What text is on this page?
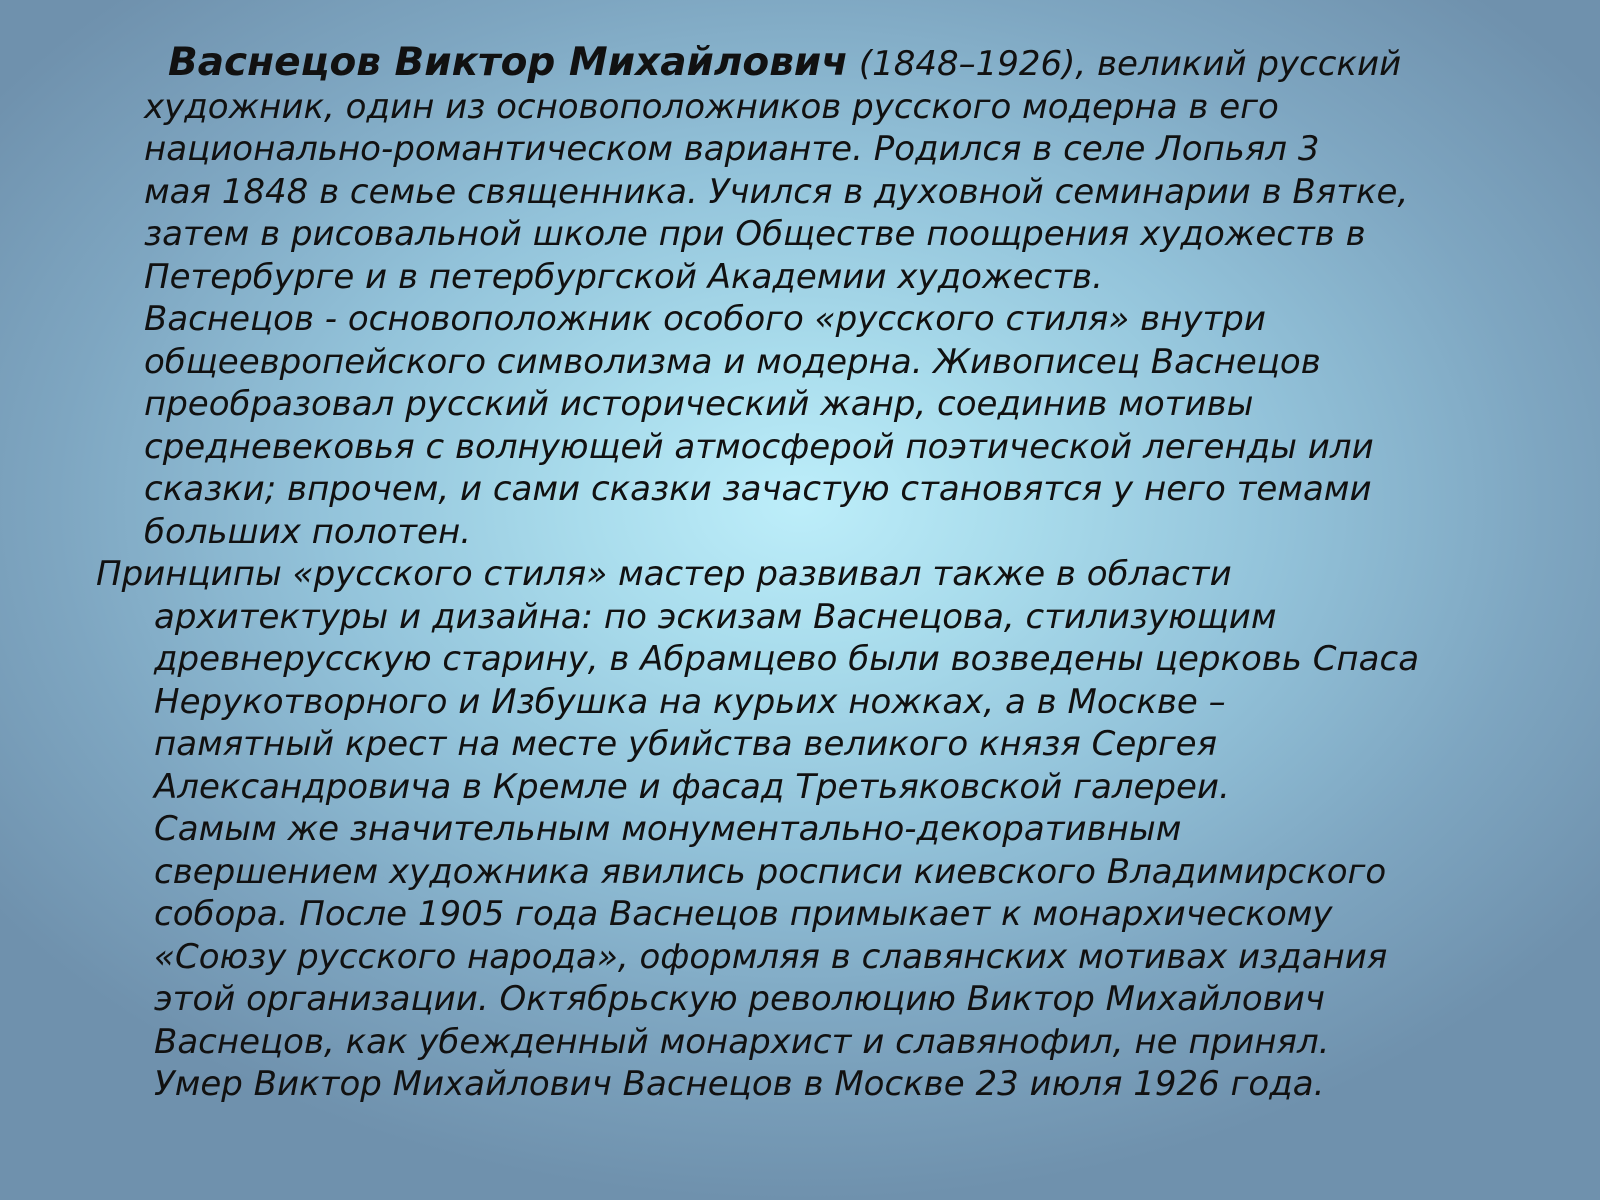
Васнецов Виктор Михайлович (1848–1926), великий русский
художник, один из основоположников русского модерна в его
национально-романтическом варианте. Родился в селе Лопьял 3
мая 1848 в семье священника. Учился в духовной семинарии в Вятке,
затем в рисовальной школе при Обществе поощрения художеств в
Петербурге и в петербургской Академии художеств.
Васнецов - основоположник особого «русского стиля» внутри
общеевропейского символизма и модерна. Живописец Васнецов
преобразовал русский исторический жанр, соединив мотивы
средневековья с волнующей атмосферой поэтической легенды или
сказки; впрочем, и сами сказки зачастую становятся у него темами
больших полотен.

Принципы «русского стиля» мастер развивал также в области
архитектуры и дизайна: по эскизам Васнецова, стилизующим
древнерусскую старину, в Абрамцево были возведены церковь Спаса
Нерукотворного и Избушка на курьих ножках, а в Москве –
памятный крест на месте убийства великого князя Сергея
Александровича в Кремле и фасад Третьяковской галереи.
Самым же значительным монументально-декоративным
свершением художника явились росписи киевского Владимирского
собора. После 1905 года Васнецов примыкает к монархическому
«Союзу русского народа», оформляя в славянских мотивах издания
этой организации. Октябрьскую революцию Виктор Михайлович
Васнецов, как убежденный монархист и славянофил, не принял.
Умер Виктор Михайлович Васнецов в Москве 23 июля 1926 года.
